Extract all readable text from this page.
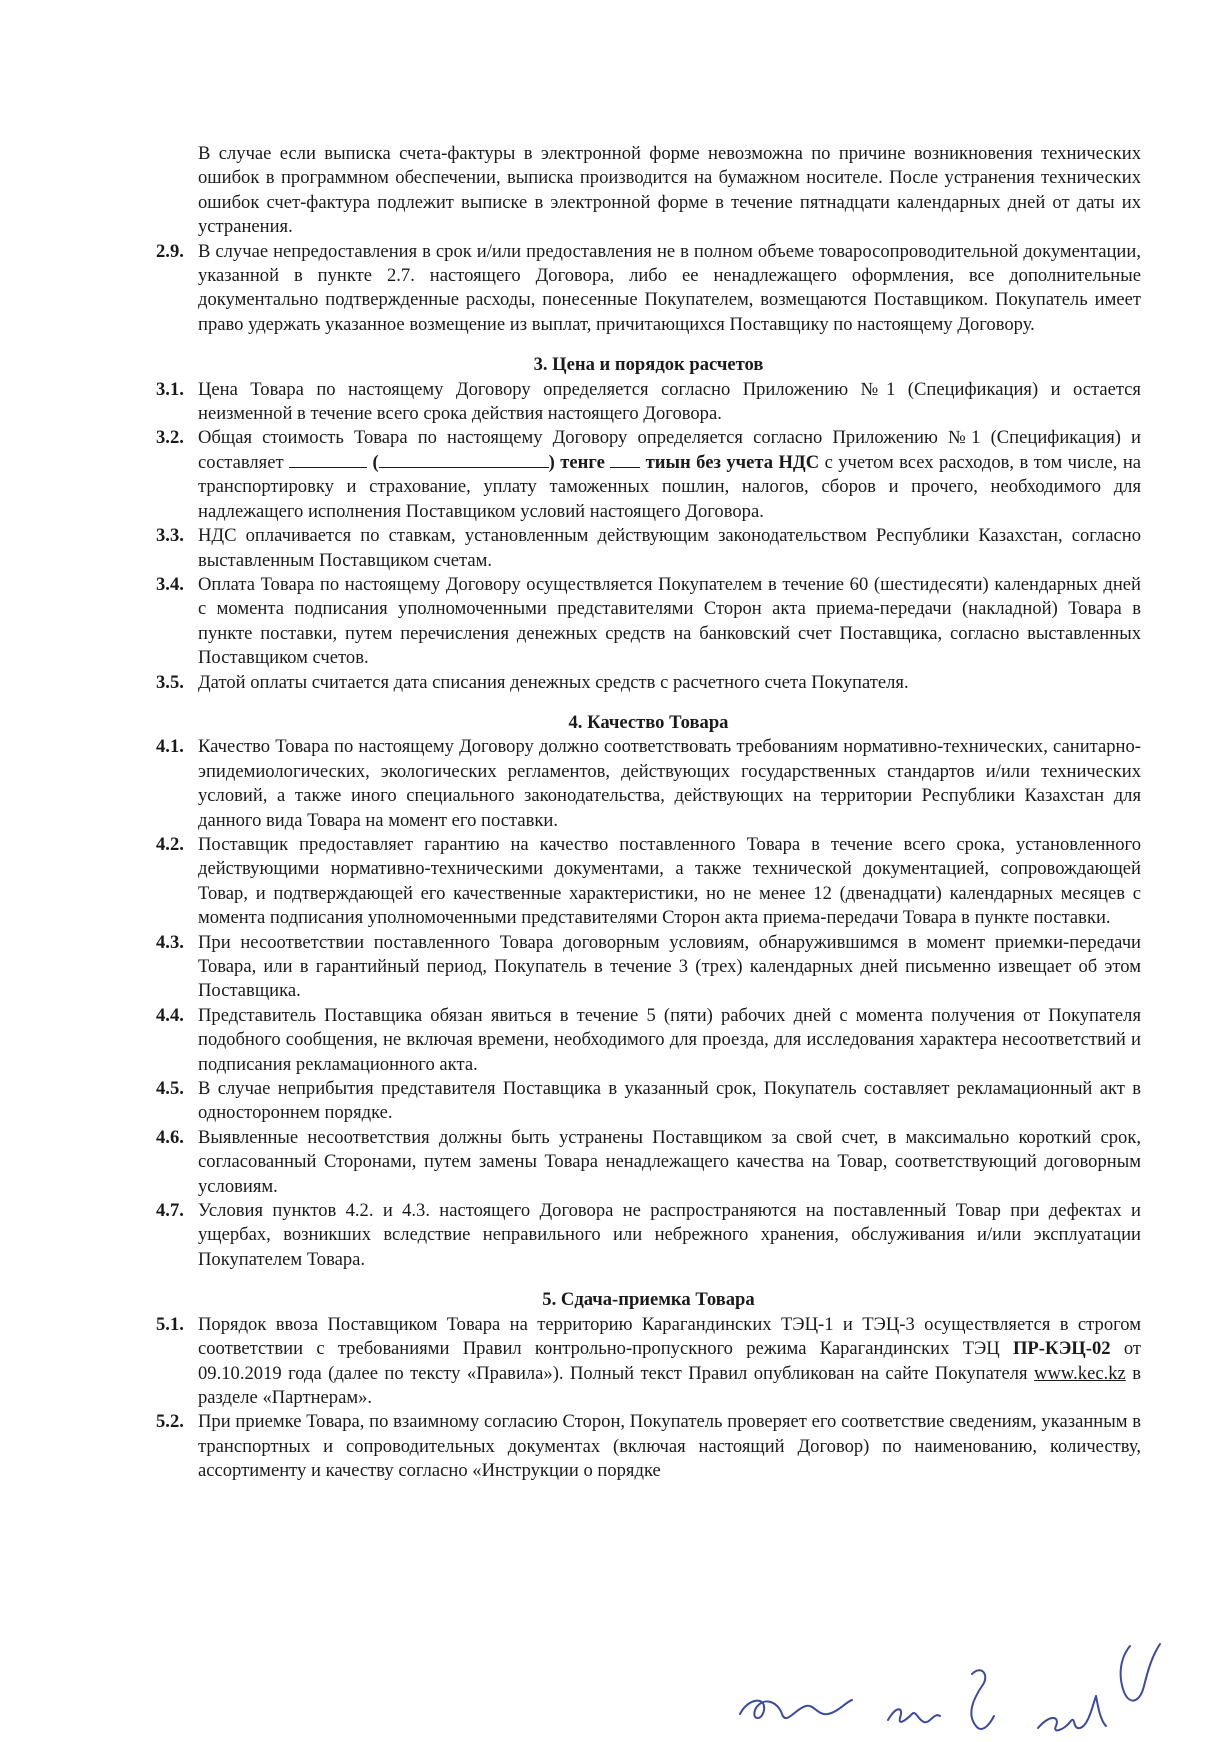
В случае если выписка счета-фактуры в электронной форме невозможна по причине возникновения технических ошибок в программном обеспечении, выписка производится на бумажном носителе. После устранения технических ошибок счет-фактура подлежит выписке в электронной форме в течение пятнадцати календарных дней от даты их устранения.

2.9. В случае непредоставления в срок и/или предоставления не в полном объеме товаросопроводительной документации, указанной в пункте 2.7. настоящего Договора, либо ее ненадлежащего оформления, все дополнительные документально подтвержденные расходы, понесенные Покупателем, возмещаются Поставщиком. Покупатель имеет право удержать указанное возмещение из выплат, причитающихся Поставщику по настоящему Договору.

3. Цена и порядок расчетов

3.1. Цена Товара по настоящему Договору определяется согласно Приложению №1 (Спецификация) и остается неизменной в течение всего срока действия настоящего Договора.
3.2. Общая стоимость Товара по настоящему Договору определяется согласно Приложению №1 (Спецификация) и составляет	(	) тенге тиын без учета НДС с учетом всех расходов, в том числе, на транспортировку и страхование, уплату таможенных пошлин, налогов, сборов и прочего, необходимого для надлежащего исполнения Поставщиком условий настоящего Договора.
3.3. НДС оплачивается по ставкам, установленным действующим законодательством Республики Казахстан, согласно выставленным Поставщиком счетам.
3.4. Оплата Товара по настоящему Договору осуществляется Покупателем в течение 60 (шестидесяти) календарных дней с момента подписания уполномоченными представителями Сторон акта приема-передачи (накладной) Товара в пункте поставки, путем перечисления денежных средств на банковский счет Поставщика, согласно выставленных Поставщиком счетов.
3.5. Датой оплаты считается дата списания денежных средств с расчетного счета Покупателя.

4. Качество Товара

4.1. Качество Товара по настоящему Договору должно соответствовать требованиям нормативно-технических, санитарно-эпидемиологических, экологических регламентов, действующих государственных стандартов и/или технических условий, а также иного специального законодательства, действующих на территории Республики Казахстан для данного вида Товара на момент его поставки.
4.2. Поставщик предоставляет гарантию на качество поставленного Товара в течение всего срока, установленного действующими нормативно-техническими документами, а также технической документацией, сопровождающей Товар, и подтверждающей его качественные характеристики, но не менее 12 (двенадцати) календарных месяцев с момента подписания уполномоченными представителями Сторон акта приема-передачи Товара в пункте поставки.
4.3. При несоответствии поставленного Товара договорным условиям, обнаружившимся в момент приемки-передачи Товара, или в гарантийный период, Покупатель в течение 3 (трех) календарных дней письменно извещает об этом Поставщика.
4.4. Представитель Поставщика обязан явиться в течение 5 (пяти) рабочих дней с момента получения от Покупателя подобного сообщения, не включая времени, необходимого для проезда, для исследования характера несоответствий и подписания рекламационного акта.
4.5. В случае неприбытия представителя Поставщика в указанный срок, Покупатель составляет рекламационный акт в одностороннем порядке.
4.6. Выявленные несоответствия должны быть устранены Поставщиком за свой счет, в максимально короткий срок, согласованный Сторонами, путем замены Товара ненадлежащего качества на Товар, соответствующий договорным условиям.
4.7. Условия пунктов 4.2. и 4.3. настоящего Договора не распространяются на поставленный Товар при дефектах и ущербах, возникших вследствие неправильного или небрежного хранения, обслуживания и/или эксплуатации Покупателем Товара.

5. Сдача-приемка Товара

5.1. Порядок ввоза Поставщиком Товара на территорию Карагандинских ТЭЦ-1 и ТЭЦ-3 осуществляется в строгом соответствии с требованиями Правил контрольно-пропускного режима Карагандинских ТЭЦ ПР-КЭЦ-02 от 09.10.2019 года (далее по тексту «Правила»). Полный текст Правил опубликован на сайте Покупателя www.kec.kz в разделе «Партнерам».
5.2. При приемке Товара, по взаимному согласию Сторон, Покупатель проверяет его соответствие сведениям, указанным в транспортных и сопроводительных документах (включая настоящий Договор) по наименованию, количеству, ассортименту и качеству согласно «Инструкции о порядке
